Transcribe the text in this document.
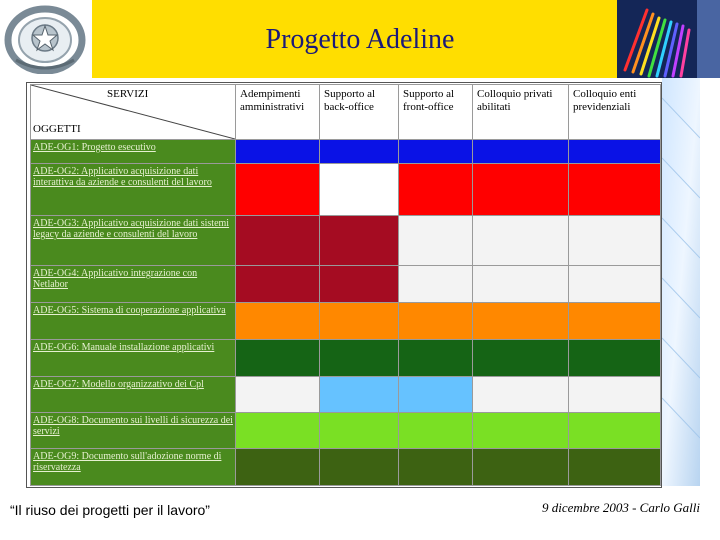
Progetto Adeline
SERVIZI
OGGETTI	Adempimenti amministrativi	Supporto al back-office	Supporto al front-office	Colloquio privati abilitati	Colloquio enti previdenziali
ADE-OG1: Progetto esecutivo					
ADE-OG2: Applicativo acquisizione dati interattiva da aziende e consulenti del lavoro					
ADE-OG3: Applicativo acquisizione dati sistemi legacy da aziende e consulenti del lavoro					
ADE-OG4: Applicativo integrazione con Netlabor					
ADE-OG5: Sistema di cooperazione applicativa					
ADE-OG6: Manuale installazione applicativi					
ADE-OG7: Modello organizzativo dei Cpl					
ADE-OG8: Documento sui livelli di sicurezza dei servizi					
ADE-OG9: Documento sull'adozione norme di riservatezza					
“Il riuso dei progetti per il lavoro”	9 dicembre 2003 - Carlo Galli
